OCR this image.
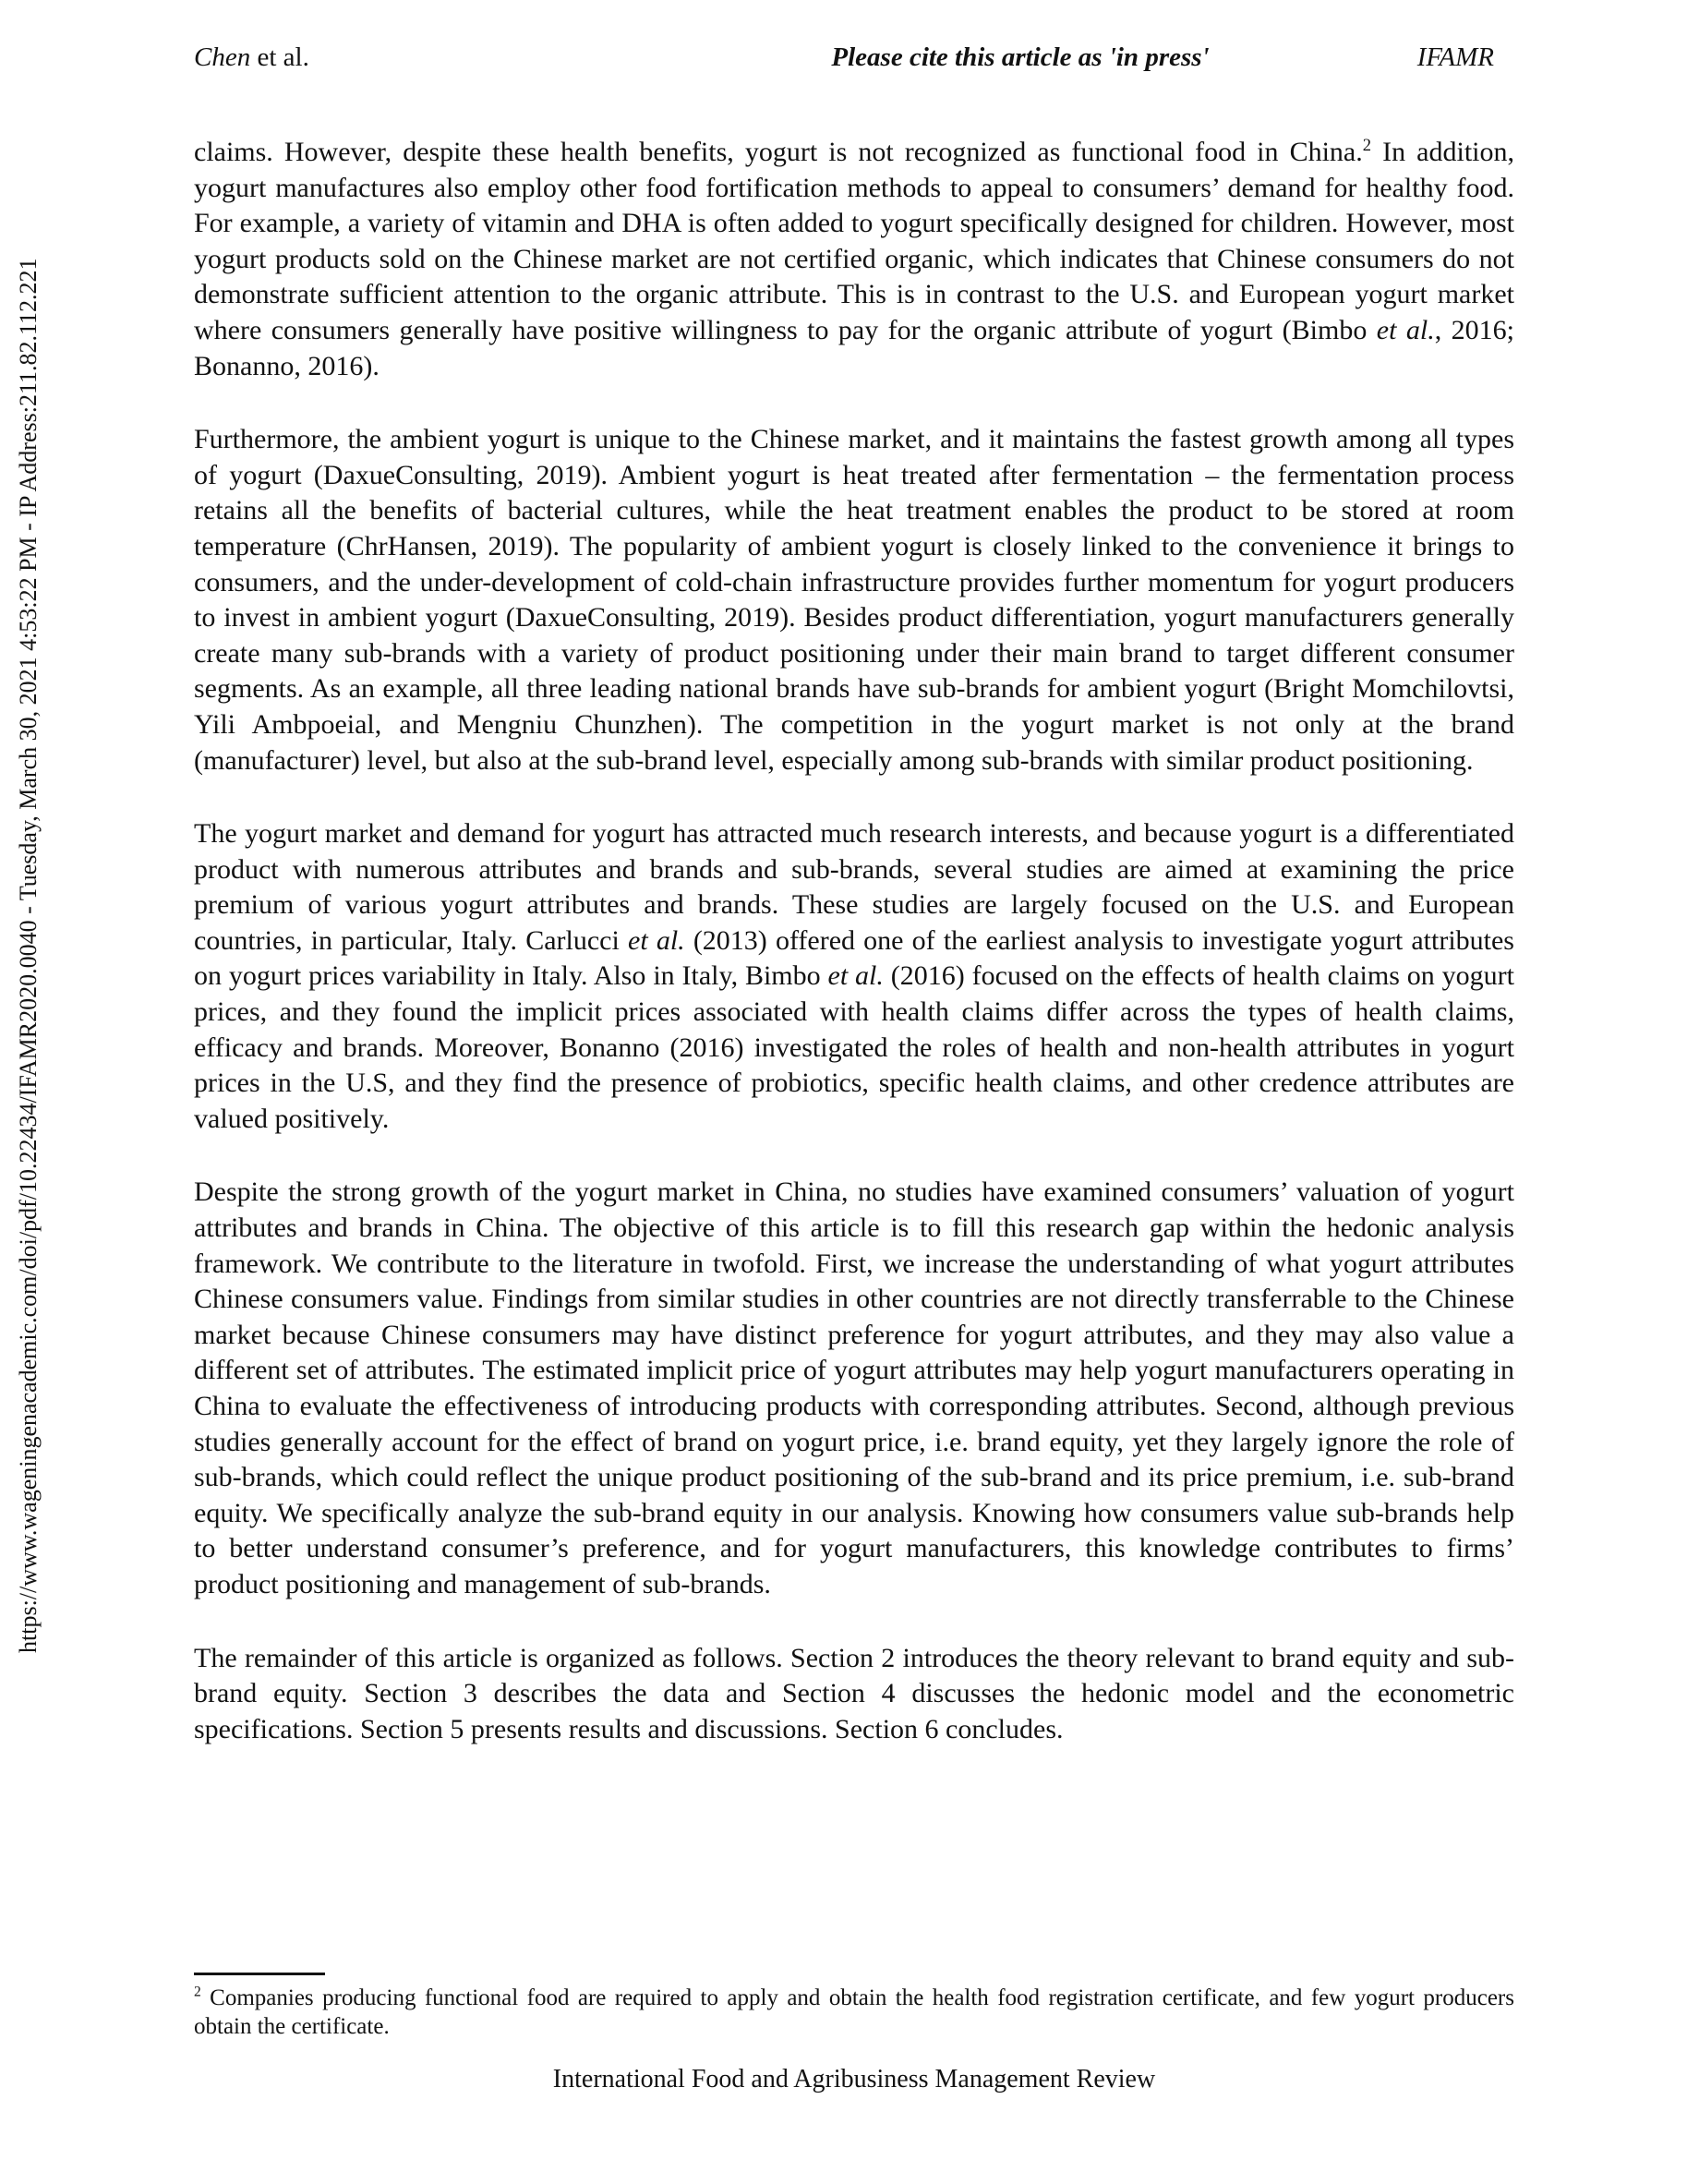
https://www.wageningenacademic.com/doi/pdf/10.22434/IFAMR2020.0040 - Tuesday, March 30, 2021 4:53:22 PM - IP Address:211.82.112.221
Chen et al.	Please cite this article as 'in press'	IFAMR

claims. However, despite these health benefits, yogurt is not recognized as functional food in China.$^2$ In addition, yogurt manufactures also employ other food fortification methods to appeal to consumers’ demand for healthy food. For example, a variety of vitamin and DHA is often added to yogurt specifically designed for children. However, most yogurt products sold on the Chinese market are not certified organic, which indicates that Chinese consumers do not demonstrate sufficient attention to the organic attribute. This is in contrast to the U.S. and European yogurt market where consumers generally have positive willingness to pay for the organic attribute of yogurt (Bimbo et al., 2016; Bonanno, 2016).

Furthermore, the ambient yogurt is unique to the Chinese market, and it maintains the fastest growth among all types of yogurt (DaxueConsulting, 2019). Ambient yogurt is heat treated after fermentation – the fermentation process retains all the benefits of bacterial cultures, while the heat treatment enables the product to be stored at room temperature (ChrHansen, 2019). The popularity of ambient yogurt is closely linked to the convenience it brings to consumers, and the under-development of cold-chain infrastructure provides further momentum for yogurt producers to invest in ambient yogurt (DaxueConsulting, 2019). Besides product differentiation, yogurt manufacturers generally create many sub-brands with a variety of product positioning under their main brand to target different consumer segments. As an example, all three leading national brands have sub-brands for ambient yogurt (Bright Momchilovtsi, Yili Ambpoeial, and Mengniu Chunzhen). The competition in the yogurt market is not only at the brand (manufacturer) level, but also at the sub-brand level, especially among sub-brands with similar product positioning.

The yogurt market and demand for yogurt has attracted much research interests, and because yogurt is a differentiated product with numerous attributes and brands and sub-brands, several studies are aimed at examining the price premium of various yogurt attributes and brands. These studies are largely focused on the U.S. and European countries, in particular, Italy. Carlucci et al. (2013) offered one of the earliest analysis to investigate yogurt attributes on yogurt prices variability in Italy. Also in Italy, Bimbo et al. (2016) focused on the effects of health claims on yogurt prices, and they found the implicit prices associated with health claims differ across the types of health claims, efficacy and brands. Moreover, Bonanno (2016) investigated the roles of health and non-health attributes in yogurt prices in the U.S, and they find the presence of probiotics, specific health claims, and other credence attributes are valued positively.

Despite the strong growth of the yogurt market in China, no studies have examined consumers’ valuation of yogurt attributes and brands in China. The objective of this article is to fill this research gap within the hedonic analysis framework. We contribute to the literature in twofold. First, we increase the understanding of what yogurt attributes Chinese consumers value. Findings from similar studies in other countries are not directly transferrable to the Chinese market because Chinese consumers may have distinct preference for yogurt attributes, and they may also value a different set of attributes. The estimated implicit price of yogurt attributes may help yogurt manufacturers operating in China to evaluate the effectiveness of introducing products with corresponding attributes. Second, although previous studies generally account for the effect of brand on yogurt price, i.e. brand equity, yet they largely ignore the role of sub-brands, which could reflect the unique product positioning of the sub-brand and its price premium, i.e. sub-brand equity. We specifically analyze the sub-brand equity in our analysis. Knowing how consumers value sub-brands help to better understand consumer’s preference, and for yogurt manufacturers, this knowledge contributes to firms’ product positioning and management of sub-brands.

The remainder of this article is organized as follows. Section 2 introduces the theory relevant to brand equity and sub-brand equity. Section 3 describes the data and Section 4 discusses the hedonic model and the econometric specifications. Section 5 presents results and discussions. Section 6 concludes.

$^2$ Companies producing functional food are required to apply and obtain the health food registration certificate, and few yogurt producers obtain the certificate.
International Food and Agribusiness Management Review
